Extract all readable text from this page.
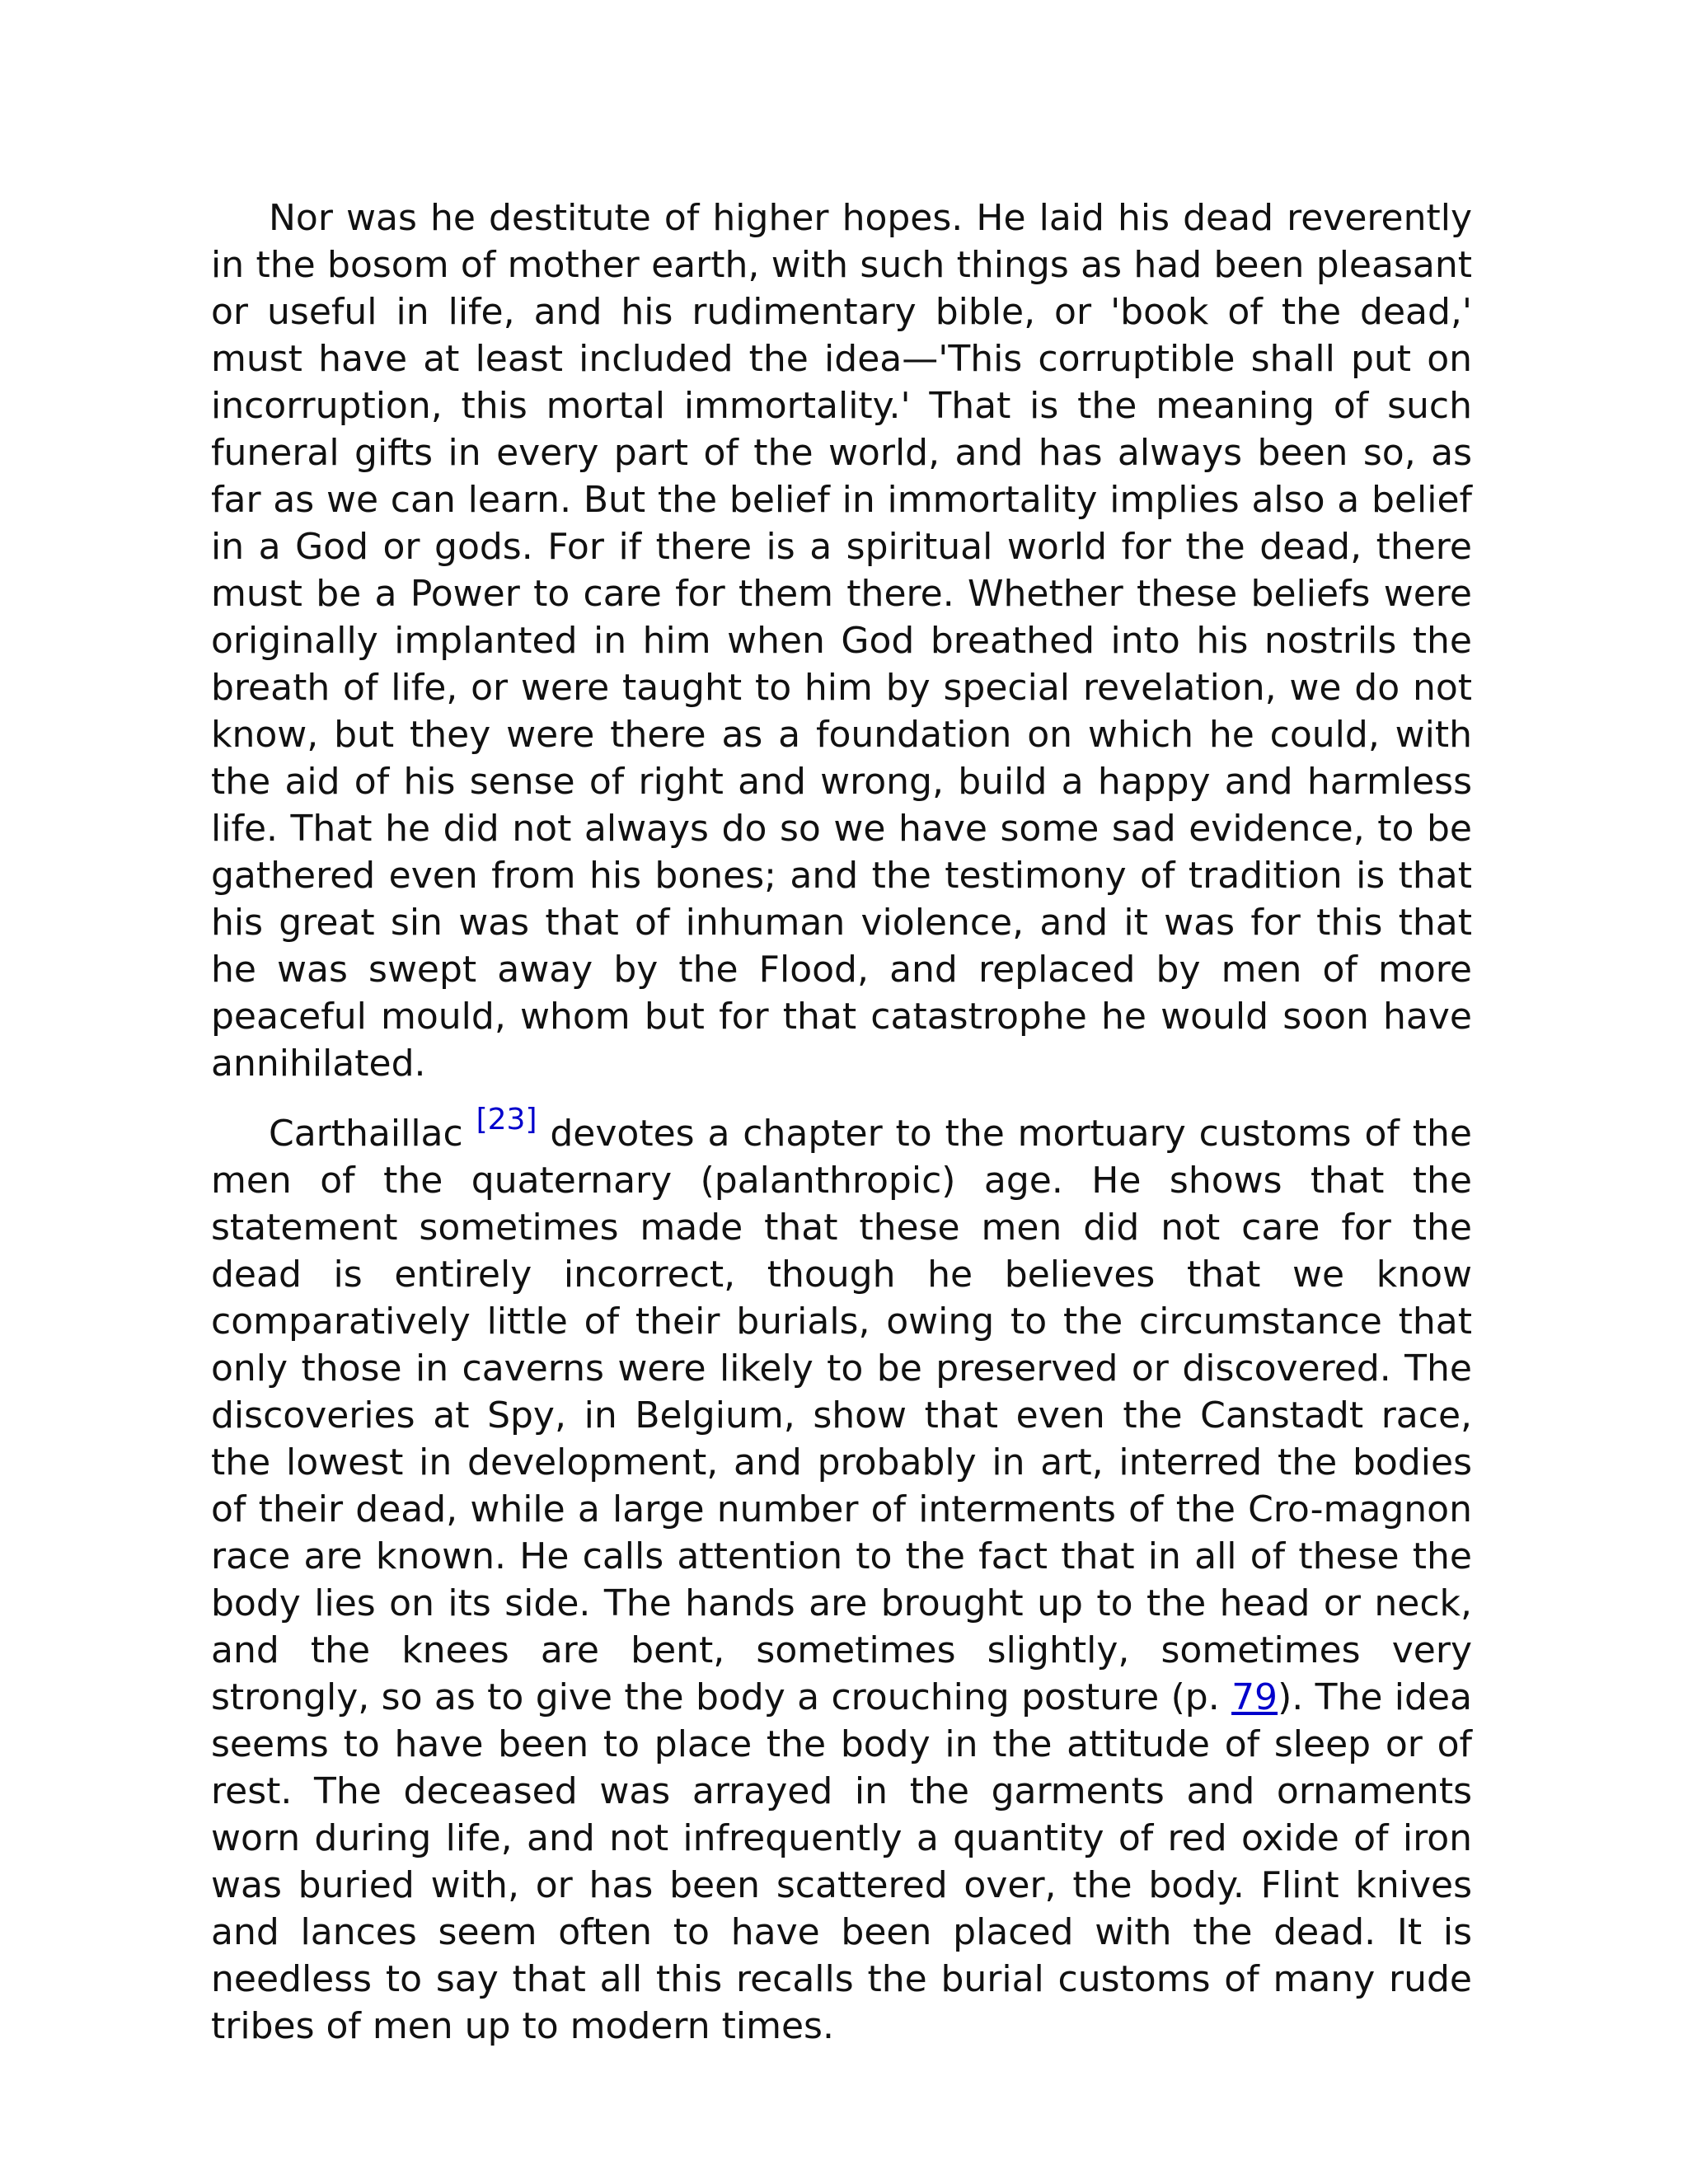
Nor was he destitute of higher hopes. He laid his dead reverently in the bosom of mother earth, with such things as had been pleasant or useful in life, and his rudimentary bible, or 'book of the dead,' must have at least included the idea—'This corruptible shall put on incorruption, this mortal immortality.' That is the meaning of such funeral gifts in every part of the world, and has always been so, as far as we can learn. But the belief in immortality implies also a belief in a God or gods. For if there is a spiritual world for the dead, there must be a Power to care for them there. Whether these beliefs were originally implanted in him when God breathed into his nostrils the breath of life, or were taught to him by special revelation, we do not know, but they were there as a foundation on which he could, with the aid of his sense of right and wrong, build a happy and harmless life. That he did not always do so we have some sad evidence, to be gathered even from his bones; and the testimony of tradition is that his great sin was that of inhuman violence, and it was for this that he was swept away by the Flood, and replaced by men of more peaceful mould, whom but for that catastrophe he would soon have annihilated.

Carthaillac [23] devotes a chapter to the mortuary customs of the men of the quaternary (palanthropic) age. He shows that the statement sometimes made that these men did not care for the dead is entirely incorrect, though he believes that we know comparatively little of their burials, owing to the circumstance that only those in caverns were likely to be preserved or discovered. The discoveries at Spy, in Belgium, show that even the Canstadt race, the lowest in development, and probably in art, interred the bodies of their dead, while a large number of interments of the Cro-magnon race are known. He calls attention to the fact that in all of these the body lies on its side. The hands are brought up to the head or neck, and the knees are bent, sometimes slightly, sometimes very strongly, so as to give the body a crouching posture (p. 79). The idea seems to have been to place the body in the attitude of sleep or of rest. The deceased was arrayed in the garments and ornaments worn during life, and not infrequently a quantity of red oxide of iron was buried with, or has been scattered over, the body. Flint knives and lances seem often to have been placed with the dead. It is needless to say that all this recalls the burial customs of many rude tribes of men up to modern times.
